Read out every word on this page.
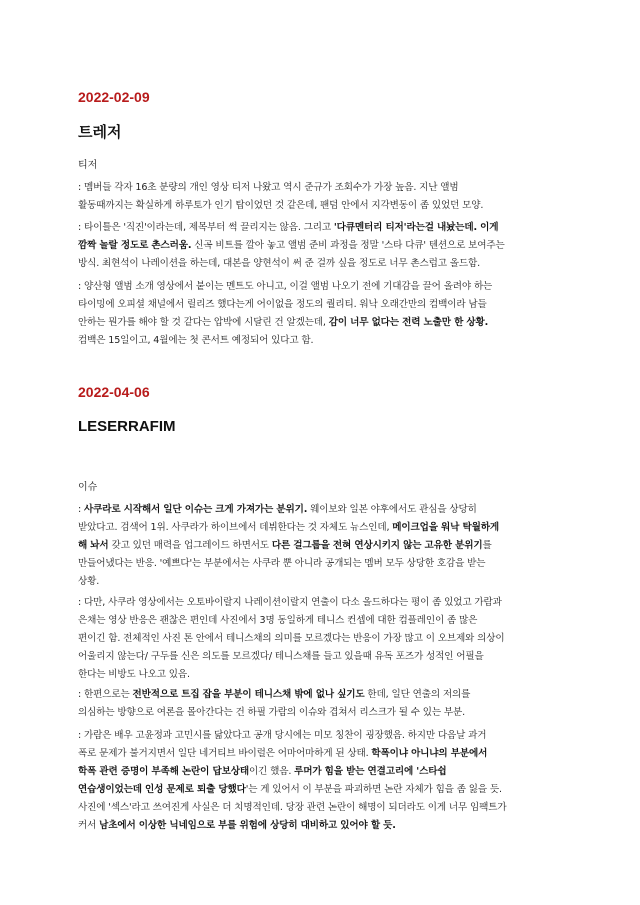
2022-02-09
트레저
티저
: 멤버들 각자 16초 분량의 개인 영상 티저 나왔고 역시 준규가 조회수가 가장 높음. 지난 앨범
활동때까지는 확실하게 하루토가 인기 탑이었던 것 같은데, 팬덤 안에서 지각변동이 좀 있었던 모양.
: 타이틀은 '직진'이라는데, 제목부터 썩 끌리지는 않음. 그리고 '다큐멘터리 티저'라는걸 내놨는데. 이게
깜짝 놀랄 정도로 촌스러움. 신곡 비트를 깔아 놓고 앨범 준비 과정을 정말 '스타 다큐' 텐션으로 보여주는
방식. 최현석이 나레이션을 하는데, 대본을 양현석이 써 준 걸까 싶을 정도로 너무 촌스럽고 올드함.
: 양산형 앨범 소개 영상에서 붙이는 멘트도 아니고, 이걸 앨범 나오기 전에 기대감을 끌어 올려야 하는
타이밍에 오피셜 채널에서 릴리즈 했다는게 어이없을 정도의 퀄리티. 워낙 오래간만의 컴백이라 남들
안하는 뭔가를 해야 할 것 같다는 압박에 시달린 건 알겠는데, 감이 너무 없다는 전력 노출만 한 상황.
컴백은 15일이고, 4월에는 첫 콘서트 예정되어 있다고 함.
2022-04-06
LESERRAFIM
이슈
: 사쿠라로 시작해서 일단 이슈는 크게 가져가는 분위기. 웨이보와 일본 야후에서도 관심을 상당히
받았다고. 검색어 1위. 사쿠라가 하이브에서 데뷔한다는 것 자체도 뉴스인데, 메이크업을 워낙 탁월하게
해 놔서 갖고 있던 매력을 업그레이드 하면서도 다른 걸그룹을 전혀 연상시키지 않는 고유한 분위기를
만들어냈다는 반응. '예쁘다'는 부분에서는 사쿠라 뿐 아니라 공개되는 멤버 모두 상당한 호감을 받는
상황.
: 다만, 사쿠라 영상에서는 오토바이랄지 나레이션이랄지 연출이 다소 올드하다는 평이 좀 있었고 가람과
은채는 영상 반응은 괜찮은 편인데 사진에서 3명 동일하게 테니스 컨셉에 대한 컴플레인이 좀 많은
편이긴 함. 전체적인 사진 톤 안에서 테니스채의 의미를 모르겠다는 반응이 가장 많고 이 오브제와 의상이
어울리지 않는다/ 구두를 신은 의도를 모르겠다/ 테니스채를 들고 있을때 유독 포즈가 성적인 어필을
한다는 비방도 나오고 있음.
: 한편으로는 전반적으로 트집 잡을 부분이 테니스채 밖에 없나 싶기도 한데, 일단 연출의 저의를
의심하는 방향으로 여론을 몰아간다는 건 하필 가람의 이슈와 겹쳐서 리스크가 될 수 있는 부분.
: 가람은 배우 고윤정과 고민시를 닮았다고 공개 당시에는 미모 칭찬이 굉장했음. 하지만 다음날 과거
폭로 문제가 불거지면서 일단 네거티브 바이럴은 어마어마하게 된 상태. 학폭이냐 아니냐의 부분에서
학폭 관련 증명이 부족해 논란이 답보상태이긴 했음. 루머가 힘을 받는 연결고리에 '스타쉽
연습생이었는데 인성 문제로 퇴출 당했다'는 게 있어서 이 부분을 파괴하면 논란 자체가 힘을 좀 잃을 듯.
사진에 '섹스'라고 쓰여진게 사실은 더 치명적인데. 당장 관련 논란이 해명이 되더라도 이게 너무 임팩트가
커서 남초에서 이상한 닉네임으로 부를 위험에 상당히 대비하고 있어야 할 듯.
